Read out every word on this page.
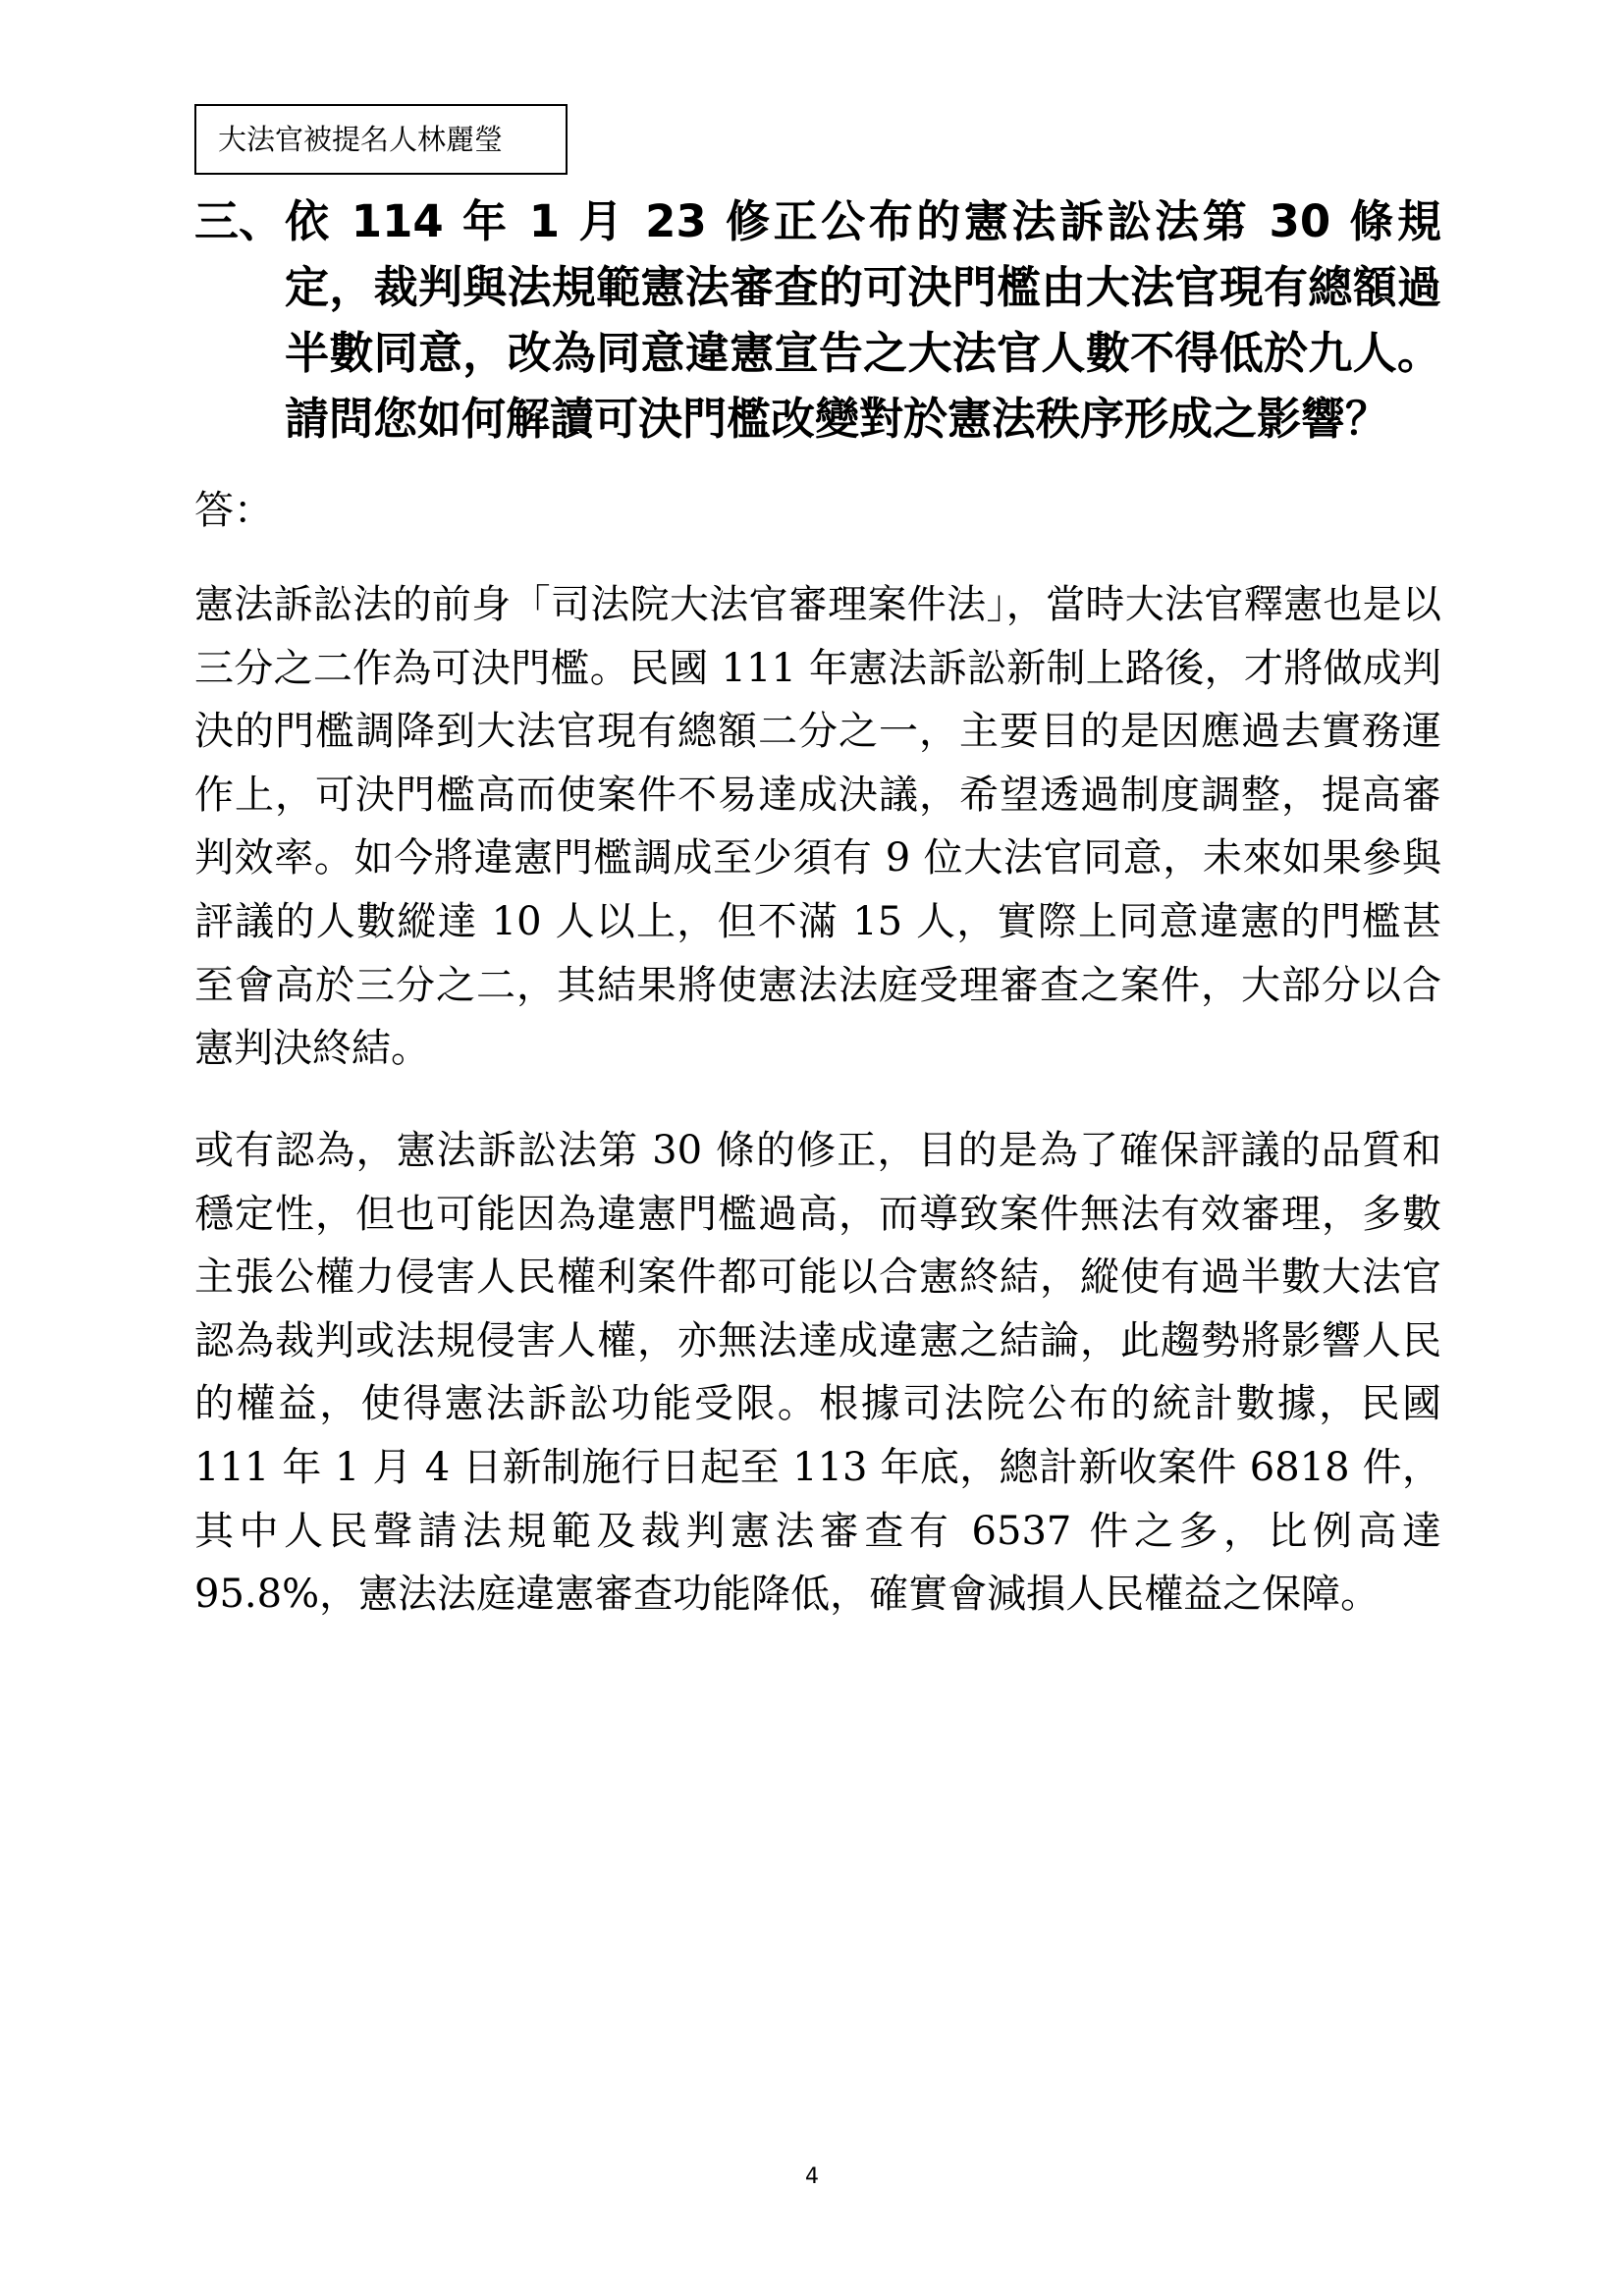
大法官被提名人林麗瑩
三、 依 114 年 1 月 23 修正公布的憲法訴訟法第 30 條規定，裁判與法規範憲法審查的可決門檻由大法官現有總額過半數同意，改為同意違憲宣告之大法官人數不得低於九人。請問您如何解讀可決門檻改變對於憲法秩序形成之影響？
答：

憲法訴訟法的前身「司法院大法官審理案件法」，當時大法官釋憲也是以三分之二作為可決門檻。民國 111 年憲法訴訟新制上路後，才將做成判決的門檻調降到大法官現有總額二分之一，主要目的是因應過去實務運作上，可決門檻高而使案件不易達成決議，希望透過制度調整，提高審判效率。如今將違憲門檻調成至少須有 9 位大法官同意，未來如果參與評議的人數縱達 10 人以上，但不滿 15 人，實際上同意違憲的門檻甚至會高於三分之二，其結果將使憲法法庭受理審查之案件，大部分以合憲判決終結。

或有認為，憲法訴訟法第 30 條的修正，目的是為了確保評議的品質和穩定性，但也可能因為違憲門檻過高，而導致案件無法有效審理，多數主張公權力侵害人民權利案件都可能以合憲終結，縱使有過半數大法官認為裁判或法規侵害人權，亦無法達成違憲之結論，此趨勢將影響人民的權益，使得憲法訴訟功能受限。根據司法院公布的統計數據，民國 111 年 1 月 4 日新制施行日起至 113 年底，總計新收案件 6818 件，其中人民聲請法規範及裁判憲法審查有 6537 件之多，比例高達 95.8%，憲法法庭違憲審查功能降低，確實會減損人民權益之保障。

4
